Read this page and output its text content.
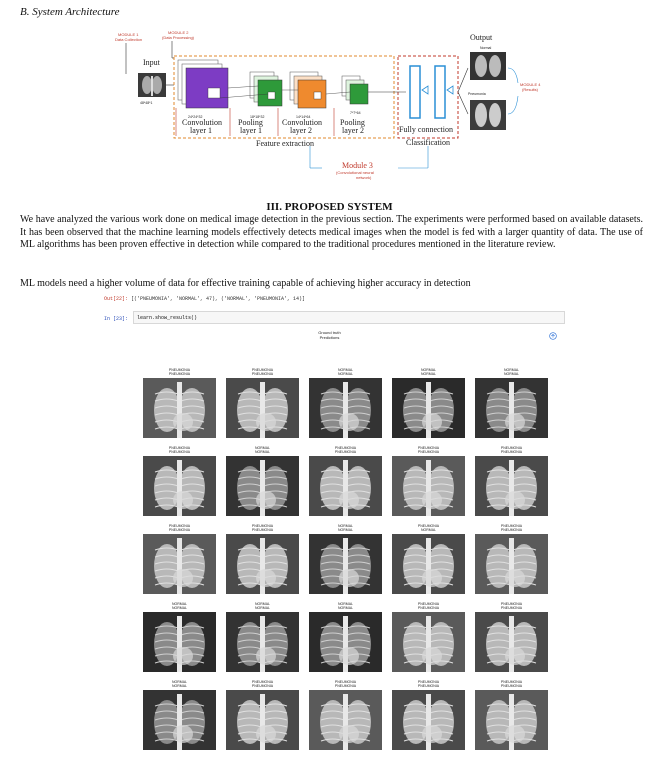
B. System Architecture
MODULE 1
Data Collection
MODULE 2
(Data Processing)
Input
48*48*1
24*24*32	18*18*32	14*14*64
7*7*64
Convolution
layer 1
Pooling
layer 1
Convolution
layer 2
Pooling
layer 2
Feature extraction
Fully connection
Classification
Output
Normal
Pneumonia
MODULE 4
(Results)
Module 3
(Convolutional neural
network)
III. PROPOSED SYSTEM
We have analyzed the various work done on medical image detection in the previous section. The experiments were performed based on available datasets. It has been observed that the machine learning models effectively detects medical images when the model is fed with a larger quantity of data. The use of ML algorithms has been proven effective in detection while compared to the traditional procedures mentioned in the literature review.
ML models need a higher volume of data for effective training capable of achieving higher accuracy in detection
Out[22]: [('PNEUMONIA', 'NORMAL', 47), ('NORMAL', 'PNEUMONIA', 14)]
learn.show_results()
In [23]:
Ground truth
Predictions
PNEUMONIA
PNEUMONIA
PNEUMONIA
PNEUMONIA
NORMAL
NORMAL
NORMAL
NORMAL
NORMAL
NORMAL
PNEUMONIA
PNEUMONIA
NORMAL
NORMAL
PNEUMONIA
PNEUMONIA
PNEUMONIA
PNEUMONIA
PNEUMONIA
PNEUMONIA
PNEUMONIA
PNEUMONIA
PNEUMONIA
PNEUMONIA
NORMAL
NORMAL
PNEUMONIA
NORMAL
PNEUMONIA
PNEUMONIA
NORMAL
NORMAL
NORMAL
NORMAL
NORMAL
NORMAL
PNEUMONIA
PNEUMONIA
PNEUMONIA
PNEUMONIA
NORMAL
NORMAL
PNEUMONIA
PNEUMONIA
PNEUMONIA
PNEUMONIA
PNEUMONIA
PNEUMONIA
PNEUMONIA
PNEUMONIA
